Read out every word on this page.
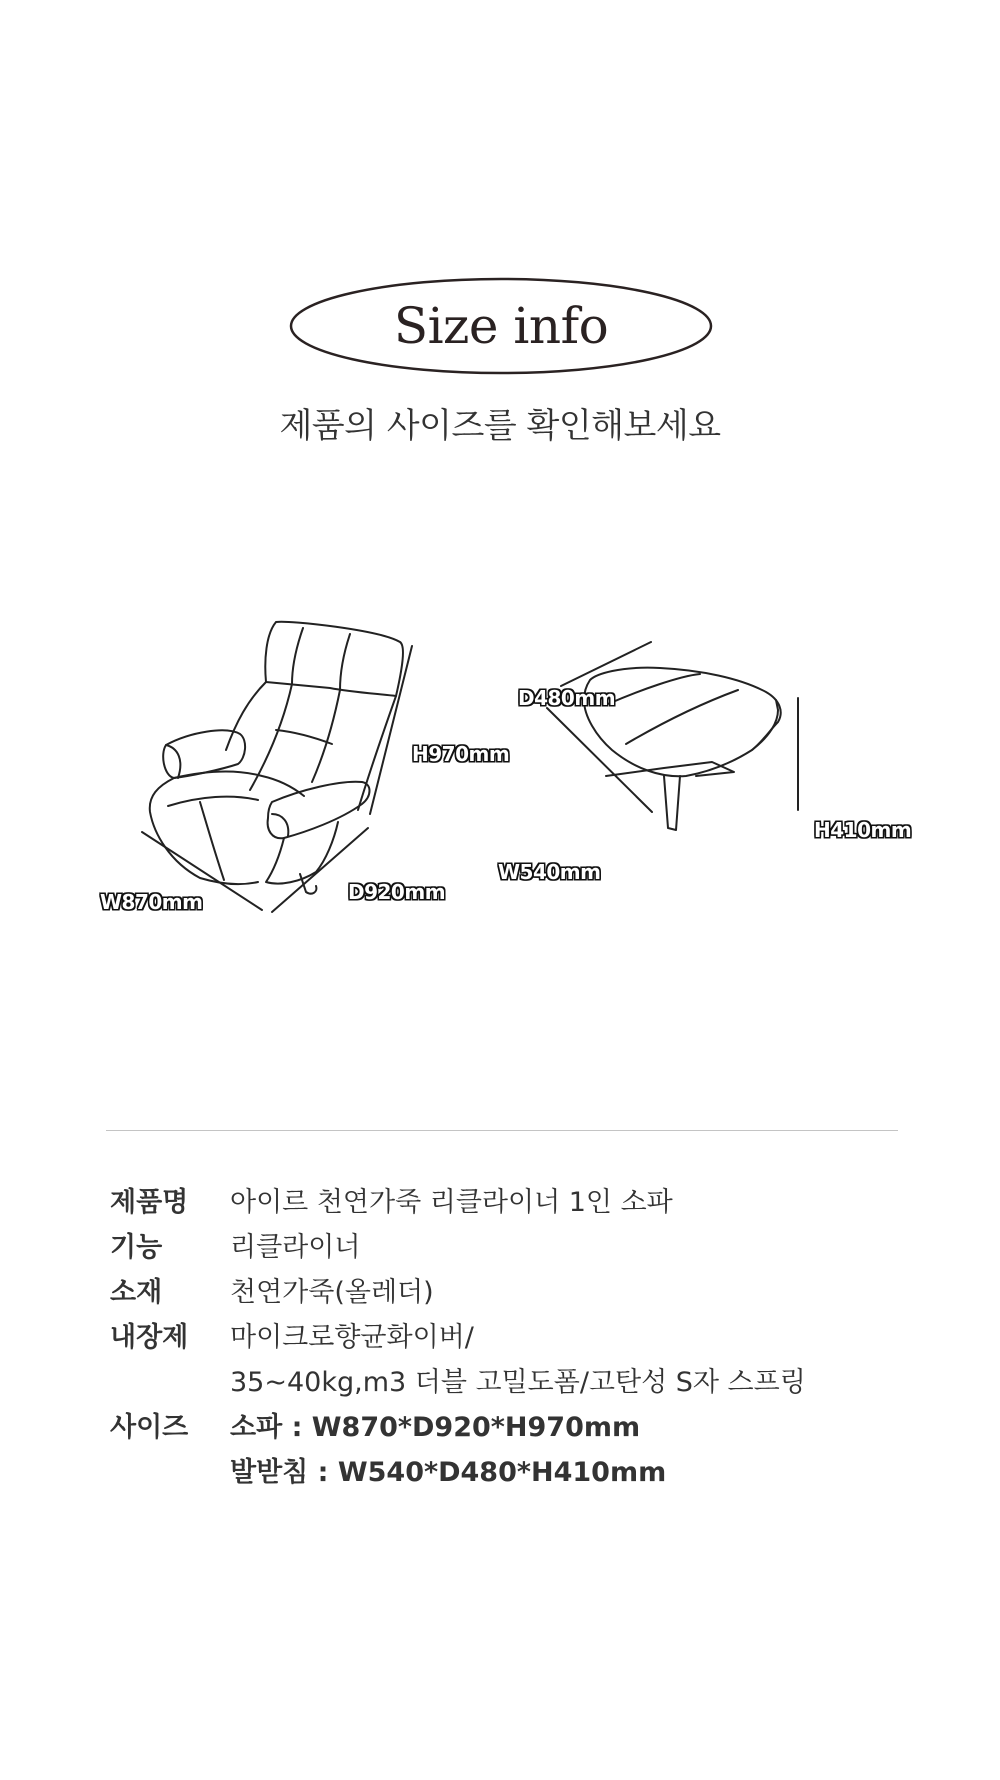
Size info
제품의 사이즈를 확인해보세요
W870mm	D920mm
H970mm
D480mm
W540mm
H410mm
제품명	아이르 천연가죽 리클라이너 1인 소파
기능	리클라이너
소재	천연가죽(올레더)
내장제	마이크로향균화이버/
35~40kg,m3 더블 고밀도폼/고탄성 S자 스프링
사이즈	소파 : W870*D920*H970mm
발받침 : W540*D480*H410mm
